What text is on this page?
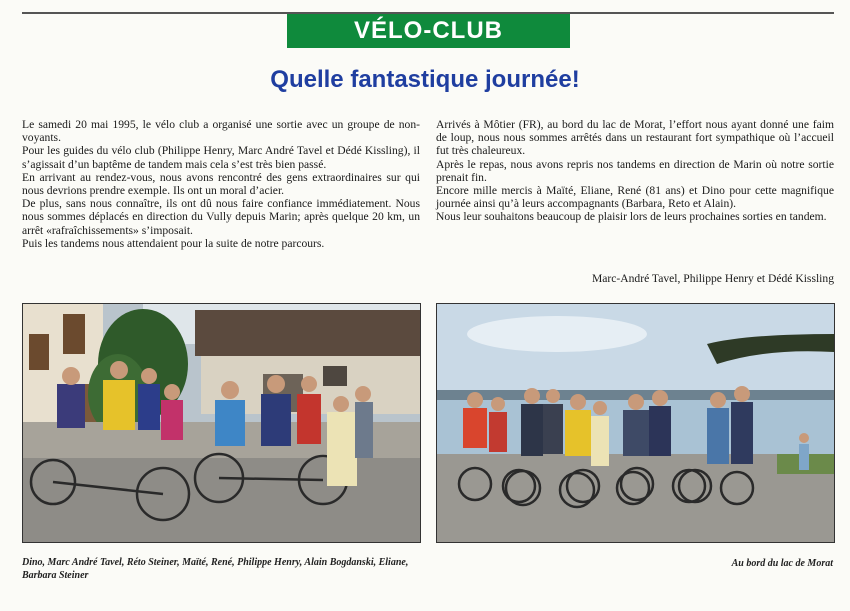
VÉLO-CLUB
Quelle fantastique journée!

Le samedi 20 mai 1995, le vélo club a organisé une sortie avec un groupe de non-voyants.

Pour les guides du vélo club (Philippe Henry, Marc André Tavel et Dédé Kissling), il s’agissait d’un baptême de tandem mais cela s’est très bien passé.

En arrivant au rendez-vous, nous avons rencontré des gens extraordinaires sur qui nous devrions prendre exemple. Ils ont un moral d’acier.

De plus, sans nous connaître, ils ont dû nous faire confiance immédiatement. Nous nous sommes déplacés en direction du Vully depuis Marin; après quelque 20 km, un arrêt «rafraîchissements» s’imposait.

Puis les tandems nous attendaient pour la suite de notre parcours.

Arrivés à Môtier (FR), au bord du lac de Morat, l’effort nous ayant donné une faim de loup, nous nous sommes arrêtés dans un restaurant fort sympathique où l’accueil fut très chaleureux.

Après le repas, nous avons repris nos tandems en direction de Marin où notre sortie prenait fin.

Encore mille mercis à Maïté, Eliane, René (81 ans) et Dino pour cette magnifique journée ainsi qu’à leurs accompagnants (Barbara, Reto et Alain).

Nous leur souhaitons beaucoup de plaisir lors de leurs prochaines sorties en tandem.

Marc-André Tavel, Philippe Henry et Dédé Kissling
Dino, Marc André Tavel, Réto Steiner, Maïté, René, Philippe Henry, Alain Bogdanski, Eliane, Barbara Steiner
Au bord du lac de Morat
